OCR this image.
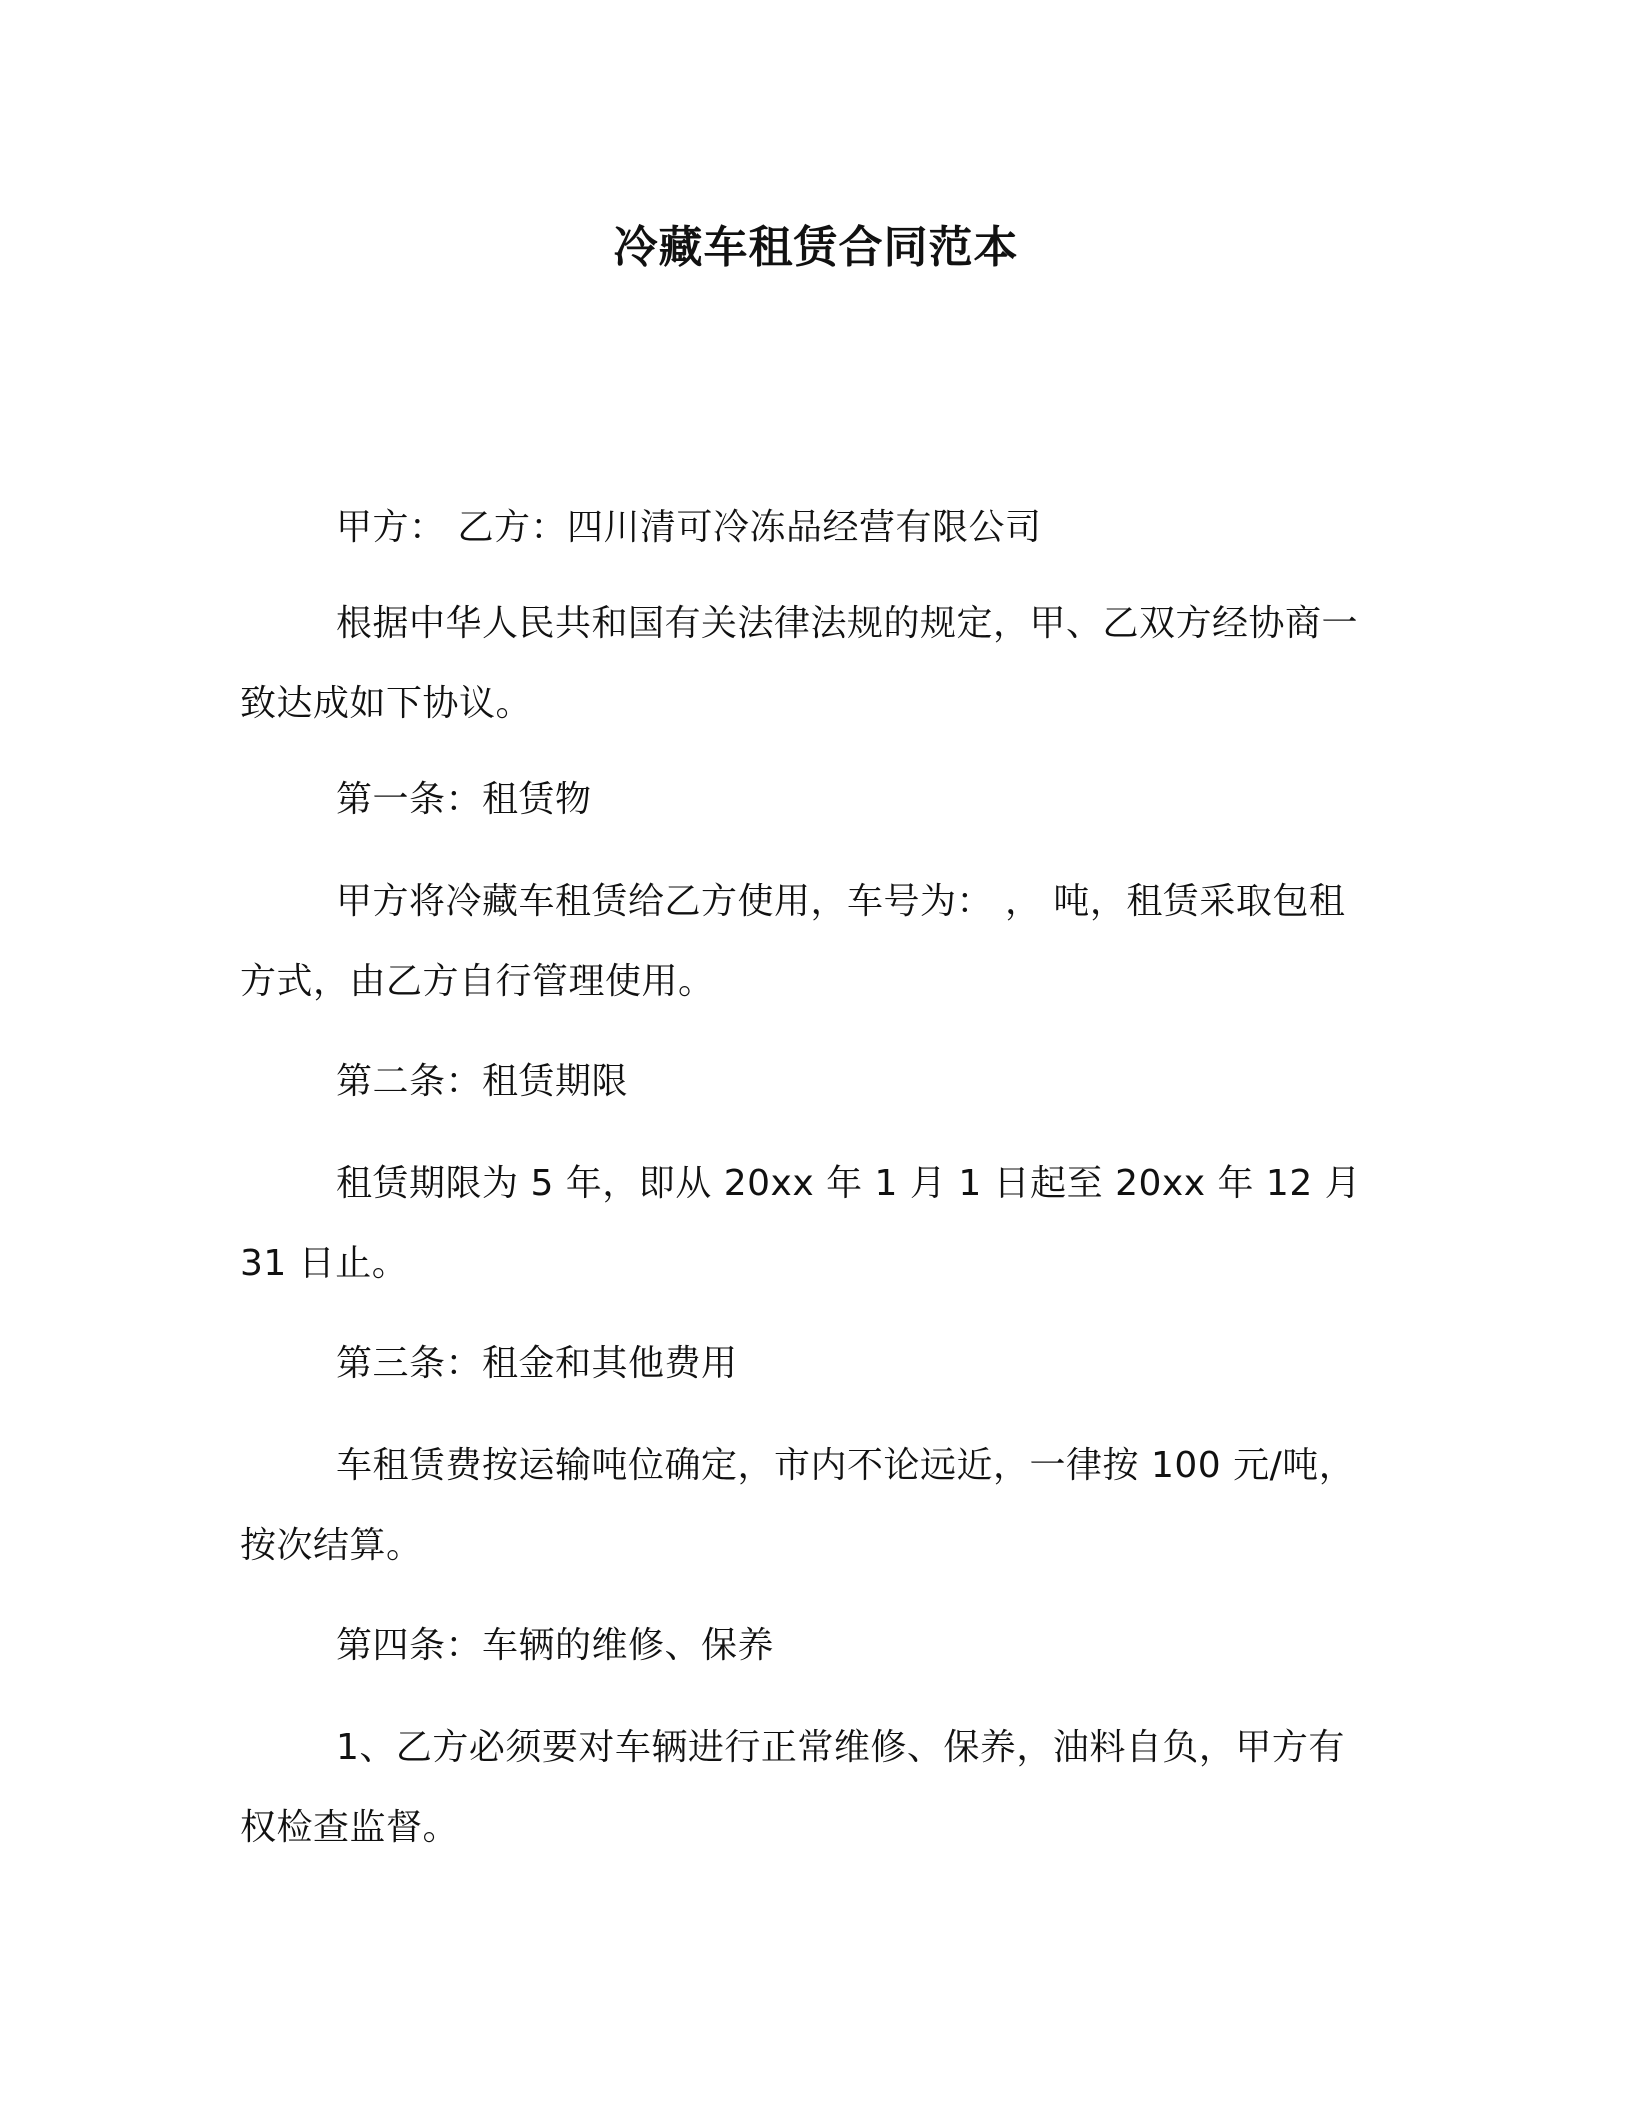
冷藏车租赁合同范本
甲方： 乙方：四川清可冷冻品经营有限公司
根据中华人民共和国有关法律法规的规定，甲、乙双方经协商一致达成如下协议。
第一条：租赁物
甲方将冷藏车租赁给乙方使用，车号为： ， 吨，租赁采取包租方式，由乙方自行管理使用。
第二条：租赁期限
租赁期限为 5 年，即从 20xx 年 1 月 1 日起至 20xx 年 12 月 31 日止。
第三条：租金和其他费用
车租赁费按运输吨位确定，市内不论远近，一律按 100 元/吨，按次结算。
第四条：车辆的维修、保养
1、乙方必须要对车辆进行正常维修、保养，油料自负，甲方有权检查监督。
